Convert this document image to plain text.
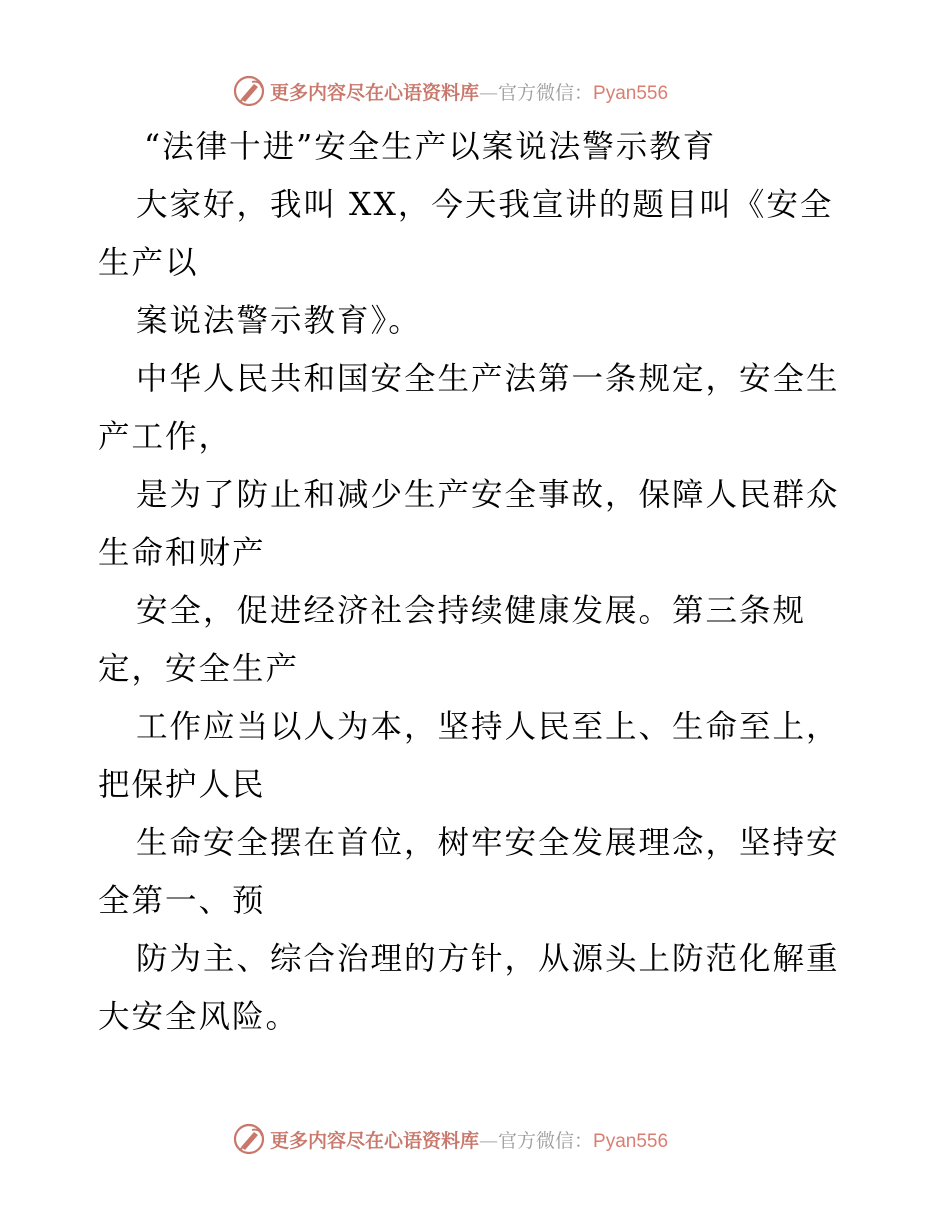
更多内容尽在心语资料库—官方微信：Pyan556
“法律十进”安全生产以案说法警示教育
大家好，我叫 XX，今天我宣讲的题目叫《安全
生产以
案说法警示教育》。
中华人民共和国安全生产法第一条规定，安全生
产工作，
是为了防止和减少生产安全事故，保障人民群众
生命和财产
安全，促进经济社会持续健康发展。第三条规
定，安全生产
工作应当以人为本，坚持人民至上、生命至上，
把保护人民
生命安全摆在首位，树牢安全发展理念，坚持安
全第一、预
防为主、综合治理的方针，从源头上防范化解重
大安全风险。
更多内容尽在心语资料库—官方微信：Pyan556
